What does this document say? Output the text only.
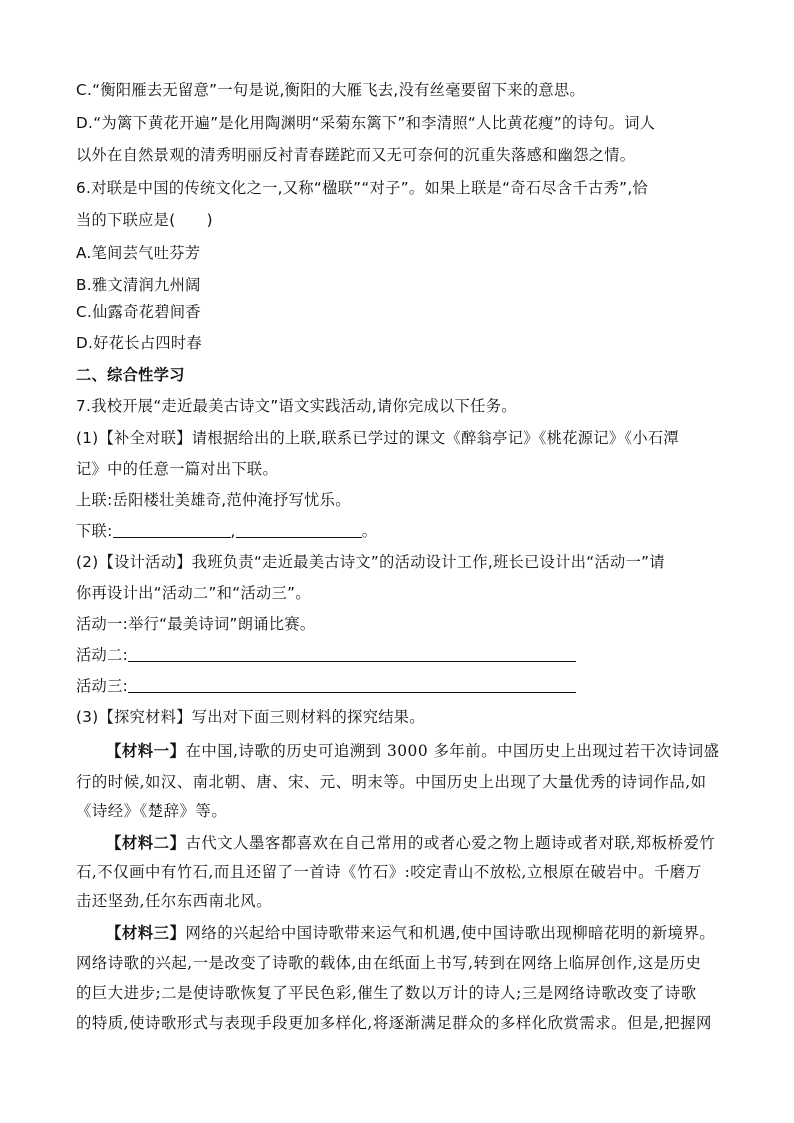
C.“衡阳雁去无留意”一句是说,衡阳的大雁飞去,没有丝毫要留下来的意思。
D.“为篱下黄花开遍”是化用陶渊明“采菊东篱下”和李清照“人比黄花瘦”的诗句。词人
以外在自然景观的清秀明丽反衬青春蹉跎而又无可奈何的沉重失落感和幽怨之情。
6.对联是中国的传统文化之一,又称“楹联”“对子”。如果上联是“奇石尽含千古秀”,恰
当的下联应是(　　)
A.笔间芸气吐芬芳
B.雅文清润九州阔
C.仙露奇花碧间香
D.好花长占四时春
二、综合性学习
7.我校开展“走近最美古诗文”语文实践活动,请你完成以下任务。
(1)【补全对联】请根据给出的上联,联系已学过的课文《醉翁亭记》《桃花源记》《小石潭
记》中的任意一篇对出下联。
上联:岳阳楼壮美雄奇,范仲淹抒写忧乐。
下联:	,	。
(2)【设计活动】我班负责“走近最美古诗文”的活动设计工作,班长已设计出“活动一”请
你再设计出“活动二”和“活动三”。
活动一:举行“最美诗词”朗诵比赛。
活动二:
活动三:
(3)【探究材料】写出对下面三则材料的探究结果。
【材料一】在中国,诗歌的历史可追溯到 3000 多年前。中国历史上出现过若干次诗词盛
行的时候,如汉、南北朝、唐、宋、元、明末等。中国历史上出现了大量优秀的诗词作品,如
《诗经》《楚辞》等。
【材料二】古代文人墨客都喜欢在自己常用的或者心爱之物上题诗或者对联,郑板桥爱竹
石,不仅画中有竹石,而且还留了一首诗《竹石》:咬定青山不放松,立根原在破岩中。千磨万
击还坚劲,任尔东西南北风。
【材料三】网络的兴起给中国诗歌带来运气和机遇,使中国诗歌出现柳暗花明的新境界。
网络诗歌的兴起,一是改变了诗歌的载体,由在纸面上书写,转到在网络上临屏创作,这是历史
的巨大进步;二是使诗歌恢复了平民色彩,催生了数以万计的诗人;三是网络诗歌改变了诗歌
的特质,使诗歌形式与表现手段更加多样化,将逐渐满足群众的多样化欣赏需求。但是,把握网
